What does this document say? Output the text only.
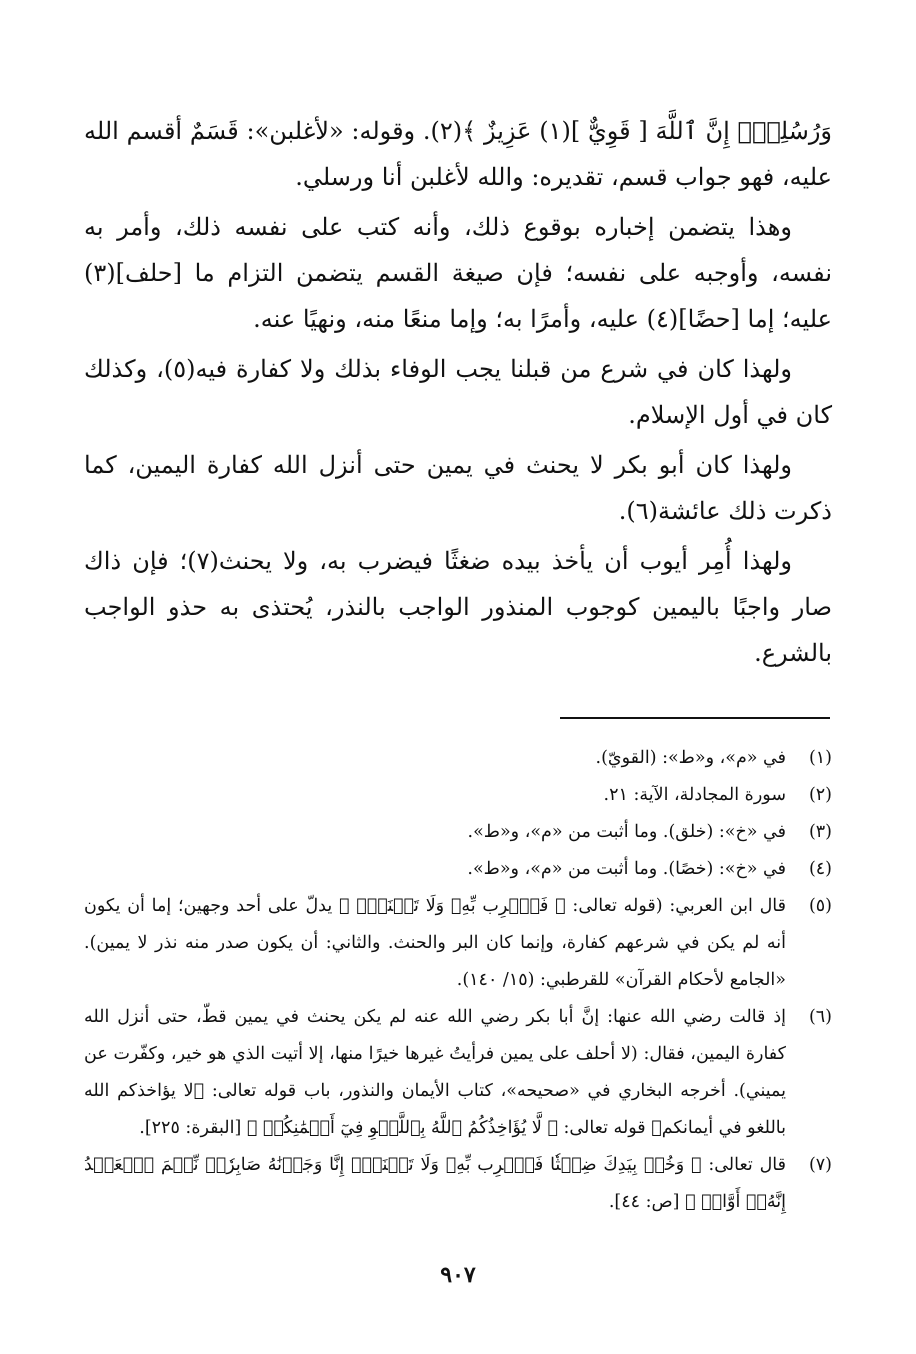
وَرُسُلِيٓۚ إِنَّ ٱللَّهَ [ قَوِيٌّ ](١) عَزِيزٌ ﴾(٢). وقوله: «لأغلبن»: قَسَمٌ أقسم الله عليه، فهو جواب قسم، تقديره: والله لأغلبن أنا ورسلي.

وهذا يتضمن إخباره بوقوع ذلك، وأنه كتب على نفسه ذلك، وأمر به نفسه، وأوجبه على نفسه؛ فإن صيغة القسم يتضمن التزام ما [حلف](٣) عليه؛ إما [حضًا](٤) عليه، وأمرًا به؛ وإما منعًا منه، ونهيًا عنه.

ولهذا كان في شرع من قبلنا يجب الوفاء بذلك ولا كفارة فيه(٥)، وكذلك كان في أول الإسلام.

ولهذا كان أبو بكر لا يحنث في يمين حتى أنزل الله كفارة اليمين، كما ذكرت ذلك عائشة(٦).

ولهذا أُمِر أيوب أن يأخذ بيده ضغثًا فيضرب به، ولا يحنث(٧)؛ فإن ذاك صار واجبًا باليمين كوجوب المنذور الواجب بالنذر، يُحتذى به حذو الواجب بالشرع.

(١)
في «م»، و«ط»: (القويّ).
(٢)
سورة المجادلة، الآية: ٢١.
(٣)
في «خ»: (خلق). وما أثبت من «م»، و«ط».
(٤)
في «خ»: (خصًا). وما أثبت من «م»، و«ط».
(٥)
قال ابن العربي: (قوله تعالى: ﴿ فَٱضۡرِب بِّهِۦ وَلَا تَحۡنَثۡۗ ﴾ يدلّ على أحد وجهين؛ إما أن يكون أنه لم يكن في شرعهم كفارة، وإنما كان البر والحنث. والثاني: أن يكون صدر منه نذر لا يمين). «الجامع لأحكام القرآن» للقرطبي: (١٥/ ١٤٠).
(٦)
إذ قالت رضي الله عنها: إنَّ أبا بكر رضي الله عنه لم يكن يحنث في يمين قطّ، حتى أنزل الله كفارة اليمين، فقال: (لا أحلف على يمين فرأيتُ غيرها خيرًا منها، إلا أتيت الذي هو خير، وكفّرت عن يميني). أخرجه البخاري في «صحيحه»، كتاب الأيمان والنذور، باب قوله تعالى: ﴿لا يؤاخذكم الله باللغو في أيمانكم﴾ قوله تعالى: ﴿ لَّا يُؤَاخِذُكُمُ ٱللَّهُ بِٱللَّغۡوِ فِيٓ أَيۡمَٰنِكُمۡ ﴾ [البقرة: ٢٢٥].
(٧)
قال تعالى: ﴿ وَخُذۡ بِيَدِكَ ضِغۡثٗا فَٱضۡرِب بِّهِۦ وَلَا تَحۡنَثۡۗ إِنَّا وَجَدۡنَٰهُ صَابِرٗاۚ نِّعۡمَ ٱلۡعَبۡدُ إِنَّهُۥٓ أَوَّابٞ ﴾ [ص: ٤٤].
٩٠٧
